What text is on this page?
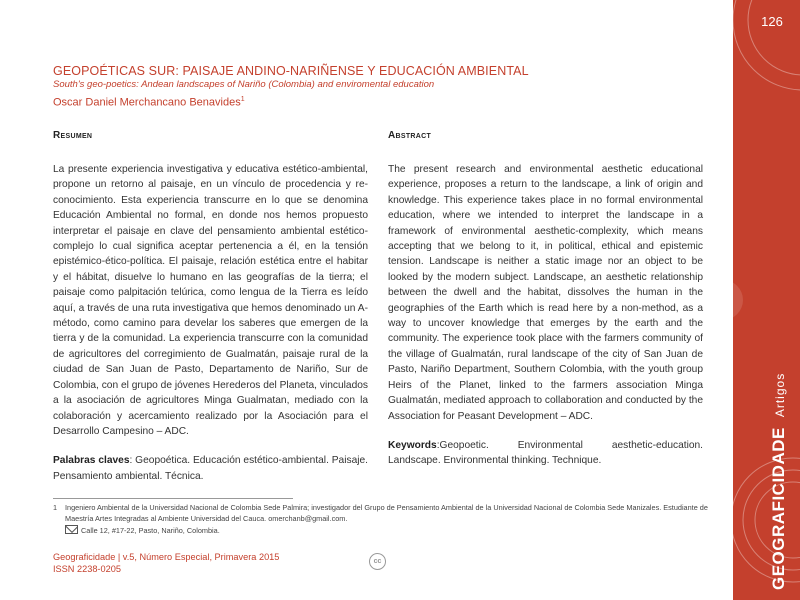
126
GEOGRAFICIDADEArtigos
GEOPOÉTICAS SUR: PAISAJE ANDINO-NARIÑENSE Y EDUCACIÓN AMBIENTAL
South's geo-poetics: Andean landscapes of Nariño (Colombia) and enviromental education
Oscar Daniel Merchancano Benavides$^1$
Resumen

La presente experiencia investigativa y educativa estético-ambiental, propone un retorno al paisaje, en un vínculo de procedencia y re-conocimiento. Esta experiencia transcurre en lo que se denomina Educación Ambiental no formal, en donde nos hemos propuesto interpretar el paisaje en clave del pensamiento ambiental estético-complejo lo cual significa aceptar pertenencia a él, en la tensión epistémico-ético-política. El paisaje, relación estética entre el habitar y el hábitat, disuelve lo humano en las geografías de la tierra; el paisaje como palpitación telúrica, como lengua de la Tierra es leído aquí, a través de una ruta investigativa que hemos denominado un A-método, como camino para develar los saberes que emergen de la tierra y de la comunidad. La experiencia transcurre con la comunidad de agricultores del corregimiento de Gualmatán, paisaje rural de la ciudad de San Juan de Pasto, Departamento de Nariño, Sur de Colombia, con el grupo de jóvenes Herederos del Planeta, vinculados a la asociación de agricultores Minga Gualmatan, mediado con la colaboración y acercamiento realizado por la Asociación para el Desarrollo Campesino – ADC.

Palabras claves: Geopoética. Educación estético-ambiental. Paisaje. Pensamiento ambiental. Técnica.
Abstract

The present research and environmental aesthetic educational experience, proposes a return to the landscape, a link of origin and knowledge. This experience takes place in no formal environmental education, where we intended to interpret the landscape in a framework of environmental aesthetic-complexity, which means accepting that we belong to it, in political, ethical and epistemic tension. Landscape is neither a static image nor an object to be looked by the modern subject. Landscape, an aesthetic relationship between the dwell and the habitat, dissolves the human in the geographies of the Earth which is read here by a non-method, as a way to uncover knowledge that emerges by the earth and the community. The experience took place with the farmers community of the village of Gualmatán, rural landscape of the city of San Juan de Pasto, Nariño Department, Southern Colombia, with the youth group Heirs of the Planet, linked to the farmers association Minga Gualmatán, mediated approach to collaboration and conducted by the Association for Peasant Development – ADC.

Keywords:Geopoetic. Environmental aesthetic-education. Landscape. Environmental thinking. Technique.
1 Ingeniero Ambiental de la Universidad Nacional de Colombia Sede Palmira; investigador del Grupo de Pensamiento Ambiental de la Universidad Nacional de Colombia Sede Manizales. Estudiante de Maestría Artes Integradas al Ambiente Universidad del Cauca. omerchanb@gmail.com.
Calle 12, #17-22, Pasto, Nariño, Colombia.
Geograficidade | v.5, Número Especial, Primavera 2015
ISSN 2238-0205
cc
